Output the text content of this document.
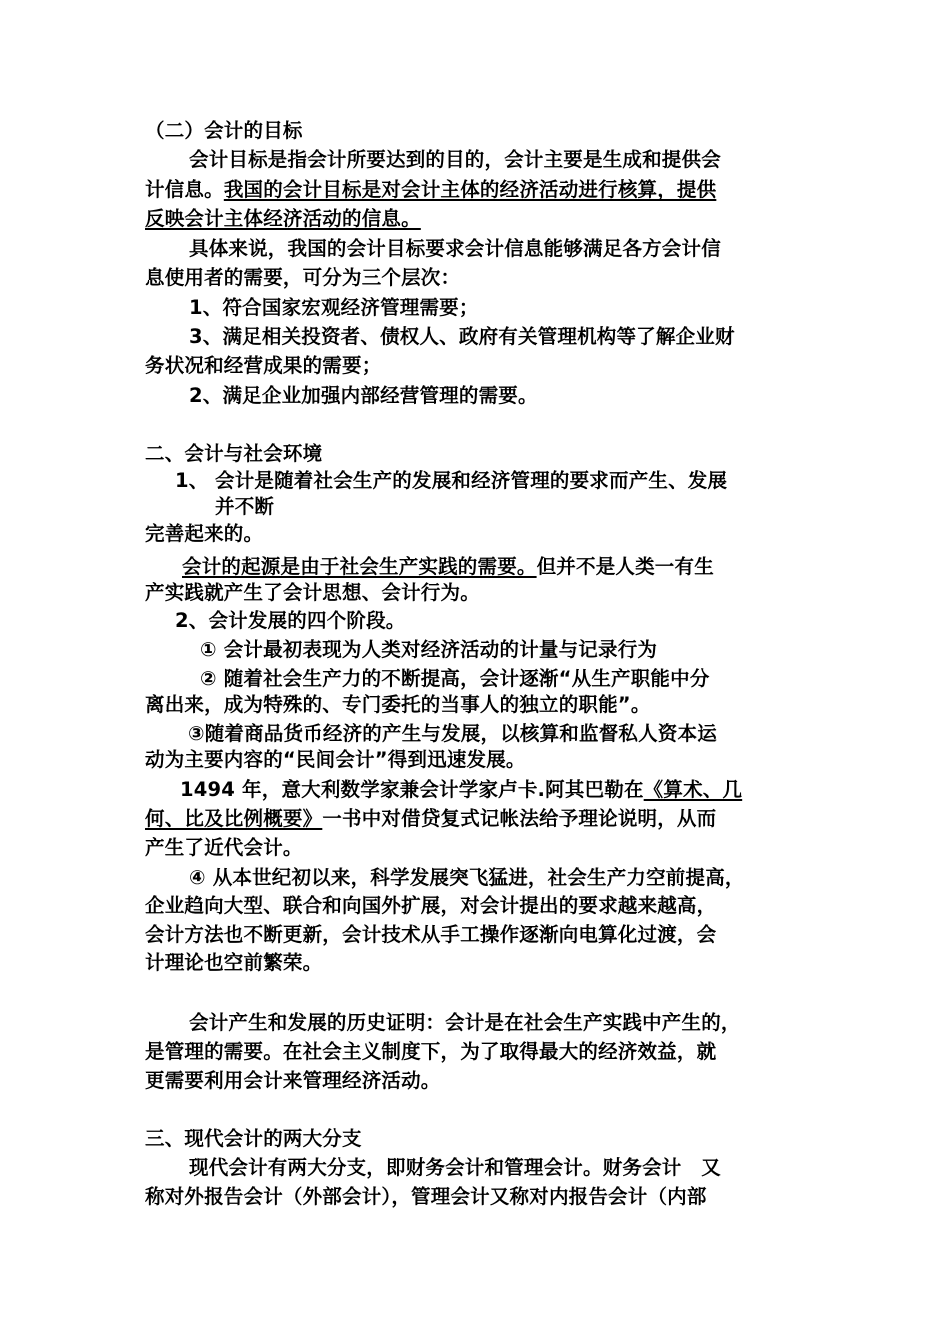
（二）会计的目标
会计目标是指会计所要达到的目的，会计主要是生成和提供会
计信息。我国的会计目标是对会计主体的经济活动进行核算，提供
反映会计主体经济活动的信息。
具体来说，我国的会计目标要求会计信息能够满足各方会计信
息使用者的需要，可分为三个层次：
1、符合国家宏观经济管理需要；
3、满足相关投资者、债权人、政府有关管理机构等了解企业财
务状况和经营成果的需要；
2、满足企业加强内部经营管理的需要。
二、会计与社会环境
1、 会计是随着社会生产的发展和经济管理的要求而产生、发展
并不断
完善起来的。
会计的起源是由于社会生产实践的需要。但并不是人类一有生
产实践就产生了会计思想、会计行为。
2、会计发展的四个阶段。
① 会计最初表现为人类对经济活动的计量与记录行为
② 随着社会生产力的不断提高，会计逐渐“从生产职能中分
离出来，成为特殊的、专门委托的当事人的独立的职能”。
③随着商品货币经济的产生与发展，以核算和监督私人资本运
动为主要内容的“民间会计”得到迅速发展。
1494 年，意大利数学家兼会计学家卢卡.阿其巴勒在《算术、几
何、比及比例概要》一书中对借贷复式记帐法给予理论说明，从而
产生了近代会计。
④ 从本世纪初以来，科学发展突飞猛进，社会生产力空前提高，
企业趋向大型、联合和向国外扩展，对会计提出的要求越来越高，
会计方法也不断更新，会计技术从手工操作逐渐向电算化过渡，会
计理论也空前繁荣。
会计产生和发展的历史证明：会计是在社会生产实践中产生的，
是管理的需要。在社会主义制度下，为了取得最大的经济效益，就
更需要利用会计来管理经济活动。
三、现代会计的两大分支
现代会计有两大分支，即财务会计和管理会计。财务会计　又
称对外报告会计（外部会计），管理会计又称对内报告会计（内部
